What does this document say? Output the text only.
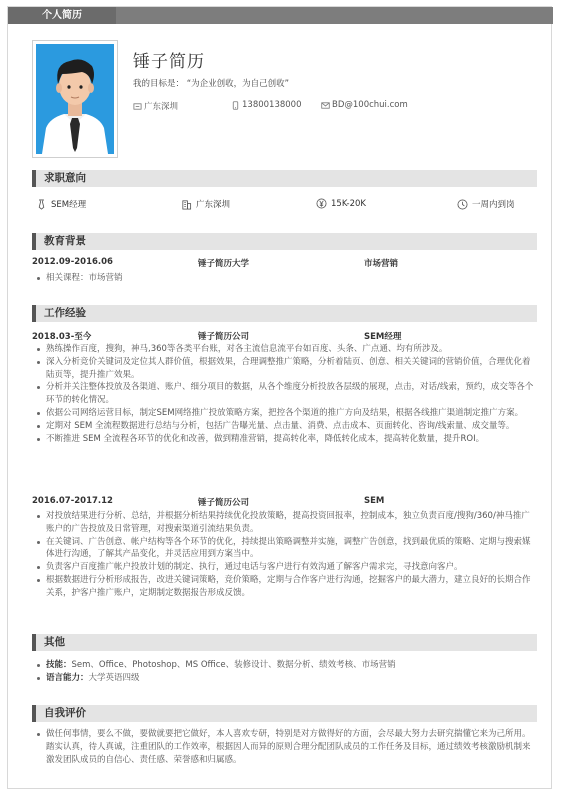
个人简历
锤子简历
我的目标是： “为企业创收，为自己创收”
广东深圳	13800138000	BD@100chui.com
求职意向
SEM经理	广东深圳	15K-20K	一周内到岗
教育背景
2012.09-2016.06	锤子简历大学	市场营销
相关课程：市场营销
工作经验
2018.03-至今	锤子简历公司	SEM经理
熟练操作百度，搜狗，神马,360等各类平台账，对各主流信息流平台如百度、头条、广点通、均有所涉及。
深入分析竞价关键词及定位其人群价值，根据效果，合理调整推广策略，分析着陆页、创意、相关关键词的营销价值，合理优化着陆页等，提升推广效果。
分析并关注整体投放及各渠道、账户、细分项目的数据，从各个维度分析投放各层级的展现，点击，对话/线索，预约，成交等各个环节的转化情况。
依据公司网络运营目标，制定SEM网络推广投放策略方案，把控各个渠道的推广方向及结果，根据各线推广渠道制定推广方案。
定期对 SEM 全流程数据进行总结与分析，包括广告曝光量、点击量、消费、点击成本、页面转化、咨询/线索量、成交量等。
不断推进 SEM 全流程各环节的优化和改善，做到精准营销，提高转化率，降低转化成本，提高转化数量，提升ROI。
2016.07-2017.12	锤子简历公司	SEM
对投放结果进行分析、总结，并根据分析结果持续优化投放策略，提高投资回报率，控制成本，独立负责百度/搜狗/360/神马推广账户的广告投放及日常管理，对搜索渠道引流结果负责。
在关键词、广告创意、帐户结构等各个环节的优化，持续提出策略调整并实施，调整广告创意，找到最优质的策略、定期与搜索媒体进行沟通，了解其产品变化，并灵活应用到方案当中。
负责客户百度推广帐户投放计划的制定、执行，通过电话与客户进行有效沟通了解客户需求完，寻找意向客户。
根据数据进行分析形成报告，改进关键词策略，竞价策略，定期与合作客户进行沟通，挖掘客户的最大潜力，建立良好的长期合作关系，护客户推广账户，定期制定数据报告形成反馈。
其他
技能：Sem、Office、Photoshop、MS Office、装修设计、数据分析、绩效考核、市场营销
语言能力：大学英语四级
自我评价
做任何事情，要么不做，要做就要把它做好，本人喜欢专研，特别是对方做得好的方面，会尽最大努力去研究揣懂它来为己所用。踏实认真，待人真诚，注重团队的工作效率，根据因人而异的原则合理分配团队成员的工作任务及目标，通过绩效考核激励机制来激发团队成员的自信心、责任感、荣誉感和归属感。
